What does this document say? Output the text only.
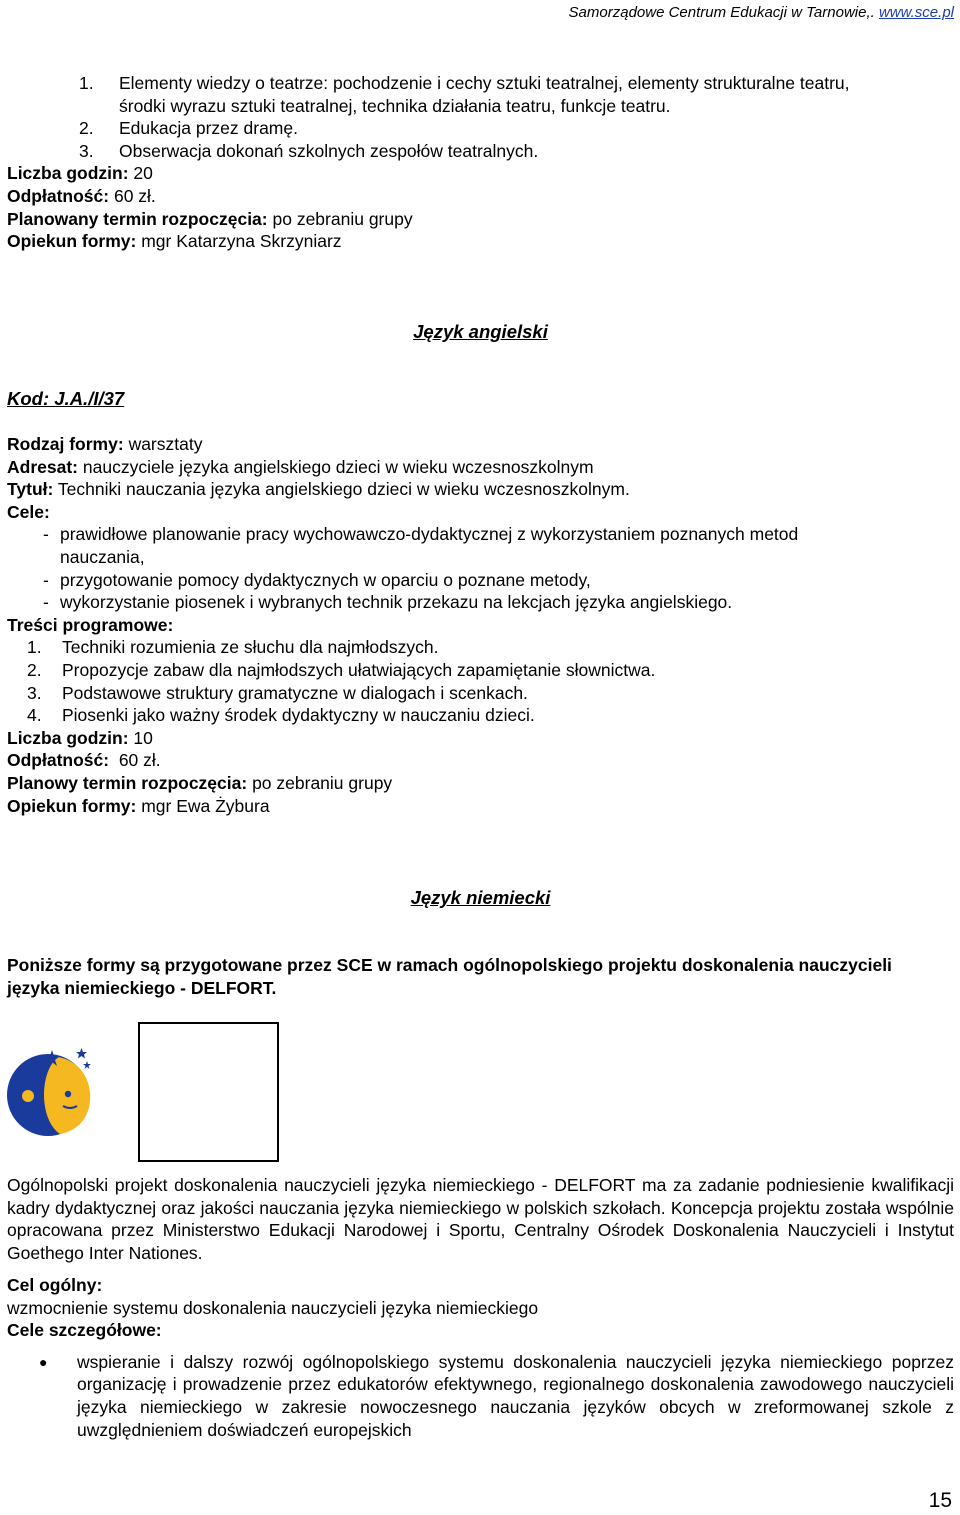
Samorządowe Centrum Edukacji w Tarnowie,. www.sce.pl
1.	Elementy wiedzy o teatrze: pochodzenie i cechy sztuki teatralnej, elementy strukturalne teatru,
środki wyrazu sztuki teatralnej, technika działania teatru, funkcje teatru.
2.	Edukacja przez dramę.
3.	Obserwacja dokonań szkolnych zespołów teatralnych.
Liczba godzin: 20
Odpłatność: 60 zł.
Planowany termin rozpoczęcia: po zebraniu grupy
Opiekun formy: mgr Katarzyna Skrzyniarz
Język angielski
Kod: J.A./I/37
Rodzaj formy: warsztaty
Adresat: nauczyciele języka angielskiego dzieci w wieku wczesnoszkolnym
Tytuł: Techniki nauczania języka angielskiego dzieci w wieku wczesnoszkolnym.
Cele:
- prawidłowe planowanie pracy wychowawczo-dydaktycznej z wykorzystaniem poznanych metod
nauczania,
- przygotowanie pomocy dydaktycznych w oparciu o poznane metody,
- wykorzystanie piosenek i wybranych technik przekazu na lekcjach języka angielskiego.
Treści programowe:
1.	Techniki rozumienia ze słuchu dla najmłodszych.
2.	Propozycje zabaw dla najmłodszych ułatwiających zapamiętanie słownictwa.
3.	Podstawowe struktury gramatyczne w dialogach i scenkach.
4.	Piosenki jako ważny środek dydaktyczny w nauczaniu dzieci.
Liczba godzin: 10
Odpłatność: 60 zł.
Planowy termin rozpoczęcia: po zebraniu grupy
Opiekun formy: mgr Ewa Żybura
Język niemiecki
Poniższe formy są przygotowane przez SCE w ramach ogólnopolskiego projektu doskonalenia nauczycieli języka niemieckiego - DELFORT.
Ogólnopolski projekt doskonalenia nauczycieli języka niemieckiego - DELFORT ma za zadanie podniesienie kwalifikacji kadry dydaktycznej oraz jakości nauczania języka niemieckiego w polskich szkołach. Koncepcja projektu została wspólnie opracowana przez Ministerstwo Edukacji Narodowej i Sportu, Centralny Ośrodek Doskonalenia Nauczycieli i Instytut Goethego Inter Nationes.
Cel ogólny:
wzmocnienie systemu doskonalenia nauczycieli języka niemieckiego
Cele szczegółowe:
●	wspieranie i dalszy rozwój ogólnopolskiego systemu doskonalenia nauczycieli języka niemieckiego poprzez organizację i prowadzenie przez edukatorów efektywnego, regionalnego doskonalenia zawodowego nauczycieli języka niemieckiego w zakresie nowoczesnego nauczania języków obcych w zreformowanej szkole z uwzględnieniem doświadczeń europejskich
15
